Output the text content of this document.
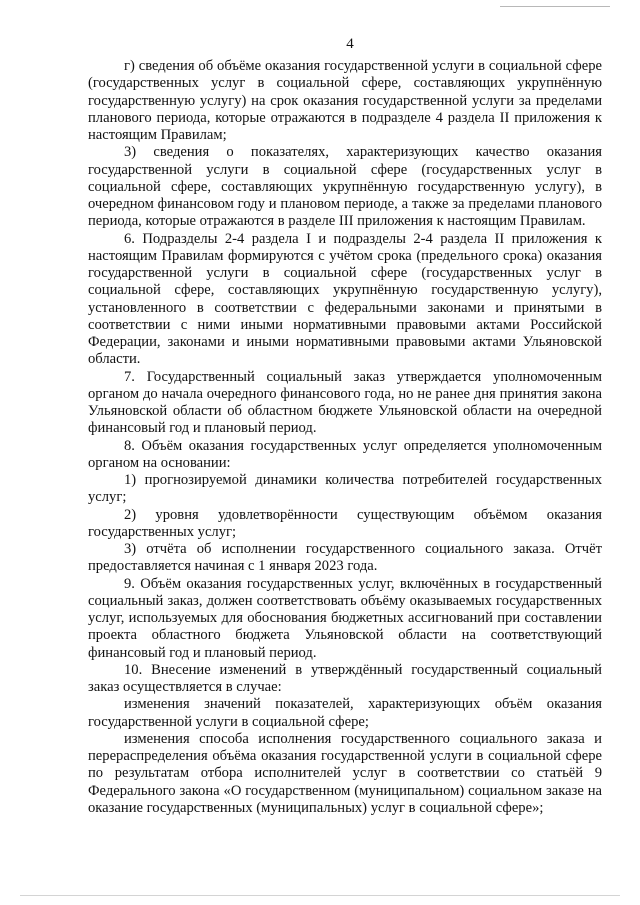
4

г) сведения об объёме оказания государственной услуги в социальной сфере (государственных услуг в социальной сфере, составляющих укрупнённую государственную услугу) на срок оказания государственной услуги за пределами планового периода, которые отражаются в подразделе 4 раздела II приложения к настоящим Правилам;

3) сведения о показателях, характеризующих качество оказания государственной услуги в социальной сфере (государственных услуг в социальной сфере, составляющих укрупнённую государственную услугу), в очередном финансовом году и плановом периоде, а также за пределами планового периода, которые отражаются в разделе III приложения к настоящим Правилам.

6. Подразделы 2-4 раздела I и подразделы 2-4 раздела II приложения к настоящим Правилам формируются с учётом срока (предельного срока) оказания государственной услуги в социальной сфере (государственных услуг в социальной сфере, составляющих укрупнённую государственную услугу), установленного в соответствии с федеральными законами и принятыми в соответствии с ними иными нормативными правовыми актами Российской Федерации, законами и иными нормативными правовыми актами Ульяновской области.

7. Государственный социальный заказ утверждается уполномоченным органом до начала очередного финансового года, но не ранее дня принятия закона Ульяновской области об областном бюджете Ульяновской области на очередной финансовый год и плановый период.

8. Объём оказания государственных услуг определяется уполномоченным органом на основании:

1) прогнозируемой динамики количества потребителей государственных услуг;

2) уровня удовлетворённости существующим объёмом оказания государственных услуг;

3) отчёта об исполнении государственного социального заказа. Отчёт предоставляется начиная с 1 января 2023 года.

9. Объём оказания государственных услуг, включённых в государственный социальный заказ, должен соответствовать объёму оказываемых государственных услуг, используемых для обоснования бюджетных ассигнований при составлении проекта областного бюджета Ульяновской области на соответствующий финансовый год и плановый период.

10. Внесение изменений в утверждённый государственный социальный заказ осуществляется в случае:

изменения значений показателей, характеризующих объём оказания государственной услуги в социальной сфере;

изменения способа исполнения государственного социального заказа и перераспределения объёма оказания государственной услуги в социальной сфере по результатам отбора исполнителей услуг в соответствии со статьёй 9 Федерального закона «О государственном (муниципальном) социальном заказе на оказание государственных (муниципальных) услуг в социальной сфере»;
